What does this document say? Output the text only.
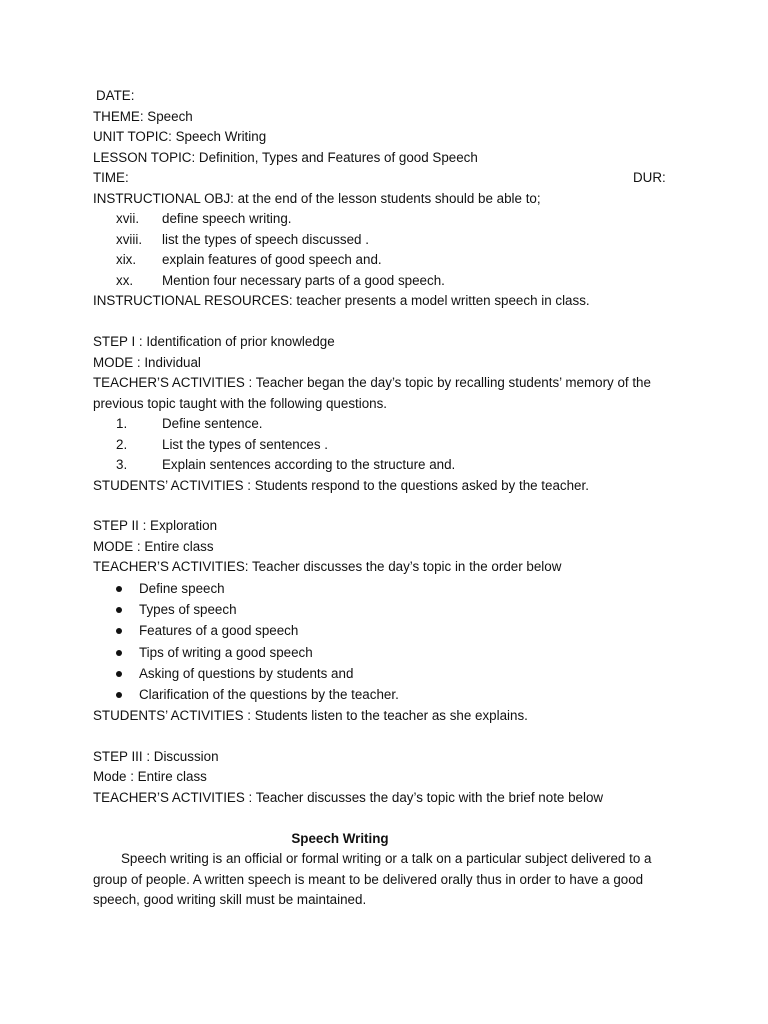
DATE:
THEME: Speech
UNIT TOPIC: Speech Writing
LESSON TOPIC: Definition, Types and Features of good Speech
TIME:	DUR:
INSTRUCTIONAL OBJ: at the end of the lesson students should be able to;
xvii. define speech writing.
xviii. list the types of speech discussed .
xix. explain features of good speech and.
xx. Mention four necessary parts of a good speech.
INSTRUCTIONAL RESOURCES: teacher presents a model written speech in class.
STEP I : Identification of prior knowledge
MODE : Individual
TEACHER’S ACTIVITIES : Teacher began the day’s topic by recalling students’ memory of the
previous topic taught with the following questions.
1.	Define sentence.
2.	List the types of sentences .
3.	Explain sentences according to the structure and.
STUDENTS’ ACTIVITIES : Students respond to the questions asked by the teacher.
STEP II : Exploration
MODE : Entire class
TEACHER’S ACTIVITIES: Teacher discusses the day’s topic in the order below
Define speech
Types of speech
Features of a good speech
Tips of writing a good speech
Asking of questions by students and
Clarification of the questions by the teacher.
STUDENTS’ ACTIVITIES : Students listen to the teacher as she explains.
STEP III : Discussion
Mode : Entire class
TEACHER’S ACTIVITIES : Teacher discusses the day’s topic with the brief note below
Speech Writing
Speech writing is an official or formal writing or a talk on a particular subject delivered to a group of people. A written speech is meant to be delivered orally thus in order to have a good speech, good writing skill must be maintained.
